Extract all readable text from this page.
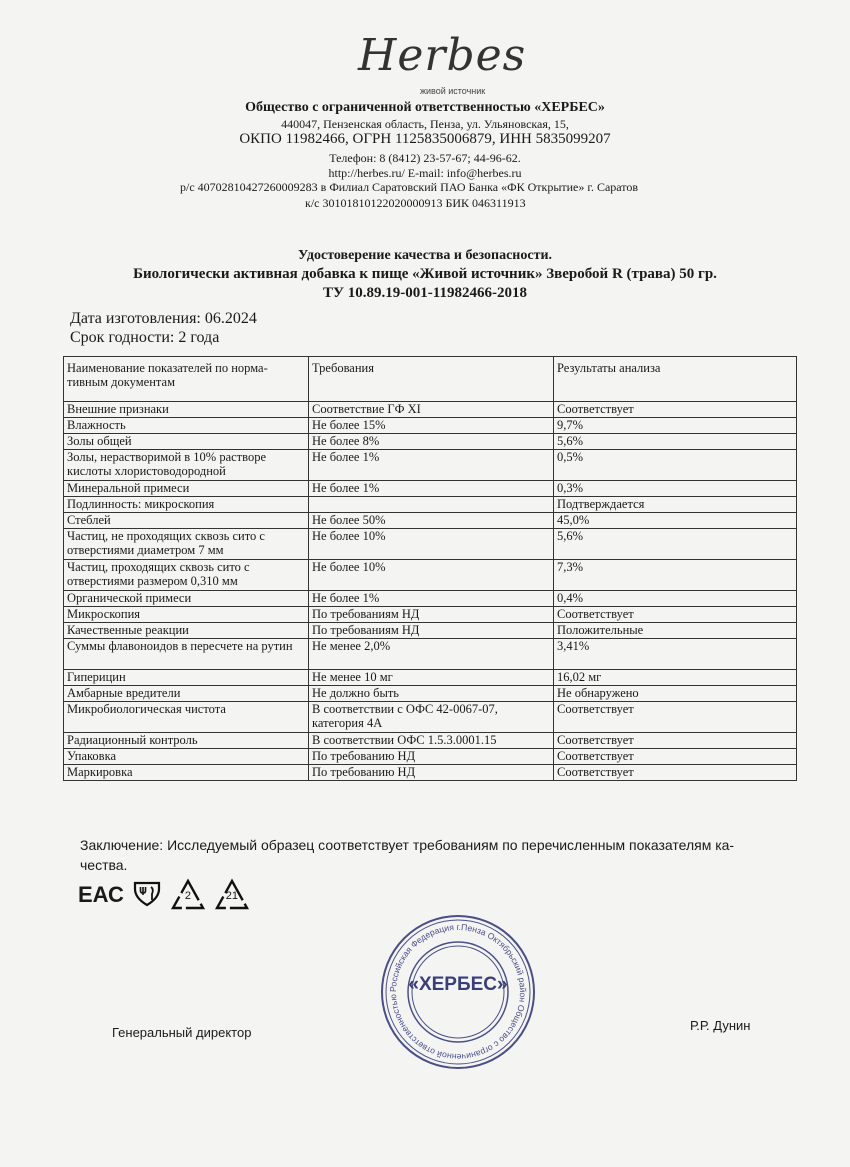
Herbes
живой источник
Общество с ограниченной ответственностью «ХЕРБЕС»
440047, Пензенская область, Пенза, ул. Ульяновская, 15,
ОКПО 11982466, ОГРН 1125835006879, ИНН 5835099207
Телефон: 8 (8412) 23-57-67; 44-96-62.
http://herbes.ru/ E-mail: info@herbes.ru
р/с 40702810427260009283 в Филиал Саратовский ПАО Банка «ФК Открытие» г. Саратов
к/с 30101810122020000913 БИК 046311913
Удостоверение качества и безопасности.
Биологически активная добавка к пище «Живой источник» Зверобой R (трава) 50 гр.
ТУ 10.89.19-001-11982466-2018
Дата изготовления: 06.2024
Срок годности: 2 года
Наименование показателей по норма-тивным документам	Требования	Результаты анализа
Внешние признаки	Соответствие ГФ XI	Соответствует
Влажность	Не более 15%	9,7%
Золы общей	Не более 8%	5,6%
Золы, нерастворимой в 10% растворе кислоты хлористоводородной	Не более 1%	0,5%
Минеральной примеси	Не более 1%	0,3%
Подлинность: микроскопия		Подтверждается
Стеблей	Не более 50%	45,0%
Частиц, не проходящих сквозь сито с отверстиями диаметром 7 мм	Не более 10%	5,6%
Частиц, проходящих сквозь сито с отверстиями размером 0,310 мм	Не более 10%	7,3%
Органической примеси	Не более 1%	0,4%
Микроскопия	По требованиям НД	Соответствует
Качественные реакции	По требованиям НД	Положительные
Суммы флавоноидов в пересчете на рутин	Не менее 2,0%	3,41%
Гиперицин	Не менее 10 мг	16,02 мг
Амбарные вредители	Не должно быть	Не обнаружено
Микробиологическая чистота	В соответствии с ОФС 42-0067-07, категория 4А	Соответствует
Радиационный контроль	В соответствии ОФС 1.5.3.0001.15	Соответствует
Упаковка	По требованию НД	Соответствует
Маркировка	По требованию НД	Соответствует
Заключение: Исследуемый образец соответствует требованиям по перечисленным показателям ка-чества.
ЕАС	2	21
Российская Федерация г.Пенза Октябрьский район Общество с ограниченной ответственностью
«ХЕРБЕС»
Генеральный директор	Р.Р. Дунин
